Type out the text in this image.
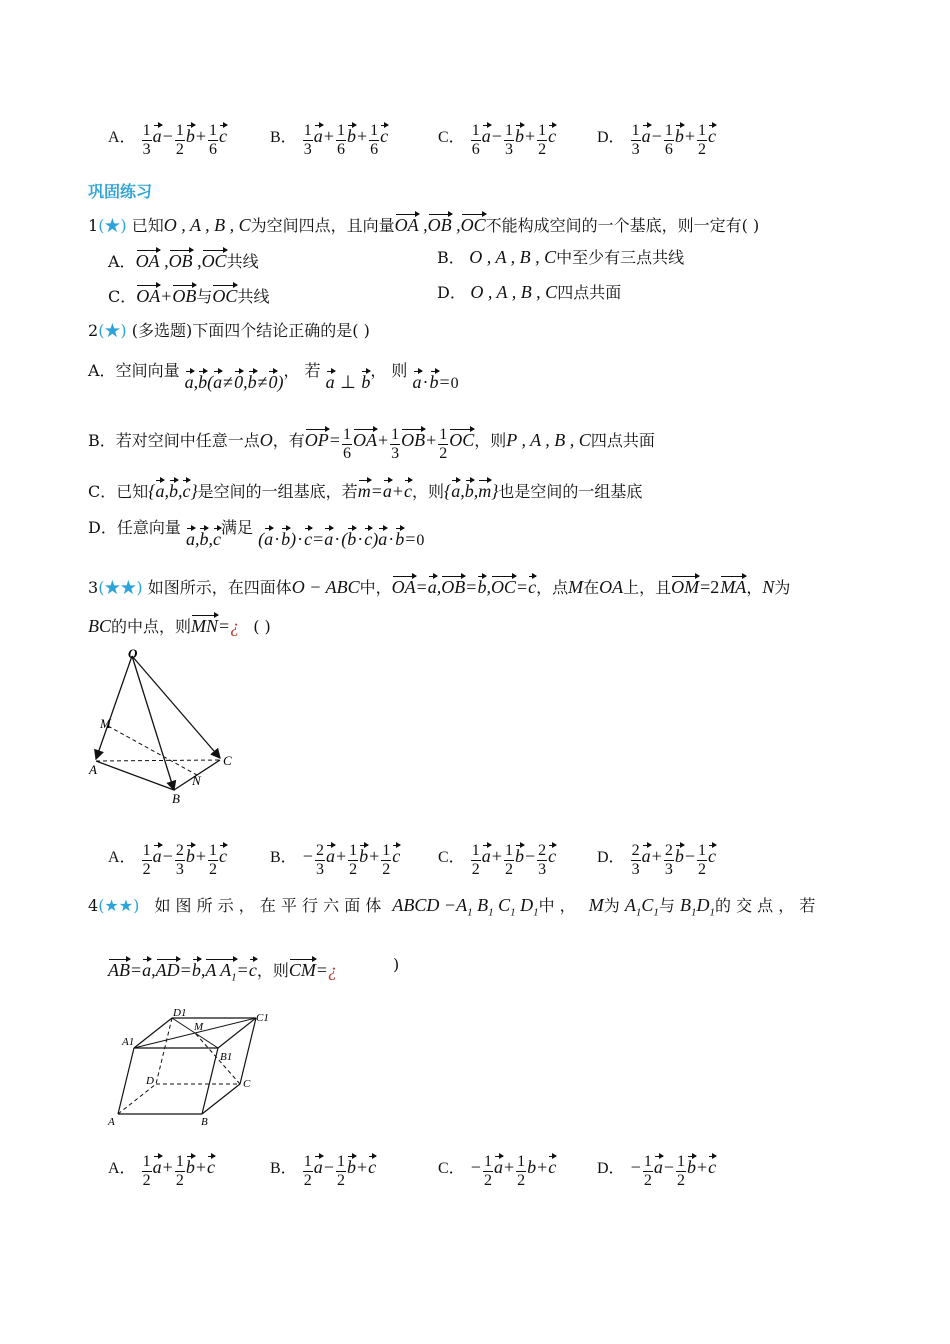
A． $\frac{1}{3} a- \frac{1}{2} b+ \frac{1}{6}$ c	B． $\frac{1}{3} a+ \frac{1}{6} b+ \frac{1}{6}$ c	C． $\frac{1}{6} a- \frac{1}{3} b+ \frac{1}{2}$ c	D． $\frac{1}{3} a- \frac{1}{6} b+ \frac{1}{2}$ c
巩固练习
1(★) 已知O , A , B , C为空间四点，且向量OA ,OB ,OC不能构成空间的一个基底，则一定有( )
A．OA ,OB ,OC共线	B． O , A , B , C中至少有三点共线
C．OA+OB与OC共线	D． O , A , B , C四点共面
2(★) (多选题)下面四个结论正确的是( )
A．空间向量 a,b(a≠0,b≠0)， 若 a ⊥ b， 则 a·b=0
B．若对空间中任意一点O，有$OP= \frac{1}{6} OA+ \frac{1}{3} OB+ \frac{1}{2}$ OC，则P , A , B , C四点共面
C．已知{a,b,c}是空间的一组基底，若m=a+c，则{a,b,m}也是空间的一组基底
D．任意向量 a,b,c满足 (a·b)·c=a·(b·c)a·b=0
3(★★) 如图所示，在四面体O − ABC中，OA=a,OB=b,OC=c，点M在OA上，且OM=2MA，N为
BC的中点，则MN=¿ ( )
O
M
A
C
N
B
A． $\frac{1}{2} a- \frac{2}{3} b+ \frac{1}{2}$ c	B． − $\frac{2}{3} a+ \frac{1}{2} b+ \frac{1}{2}$ c	C． $\frac{1}{2} a+ \frac{1}{2} b- \frac{2}{3}$ c	D． $\frac{2}{3} a+ \frac{2}{3} b- \frac{1}{2}$ c
4(★★) 如 图 所 示 ， 在 平 行 六 面 体 ABCD $-A_1$ $B_1$ $C_1$ $D_1$中 ， M为 $A_1C_1$与 $B_1D_1$的 交 点 ， 若
AB=a,AD=b,A $A_1=c$，则CM=¿	)
D1
M
C1
A1
B1
D	C
A	B
A． $\frac{1}{2} a+ \frac{1}{2} b+c$	B． $\frac{1}{2} a- \frac{1}{2} b+c$	C． − $\frac{1}{2} a+ \frac{1}{2} b+c$	D． − $\frac{1}{2} a- \frac{1}{2} b+c$
